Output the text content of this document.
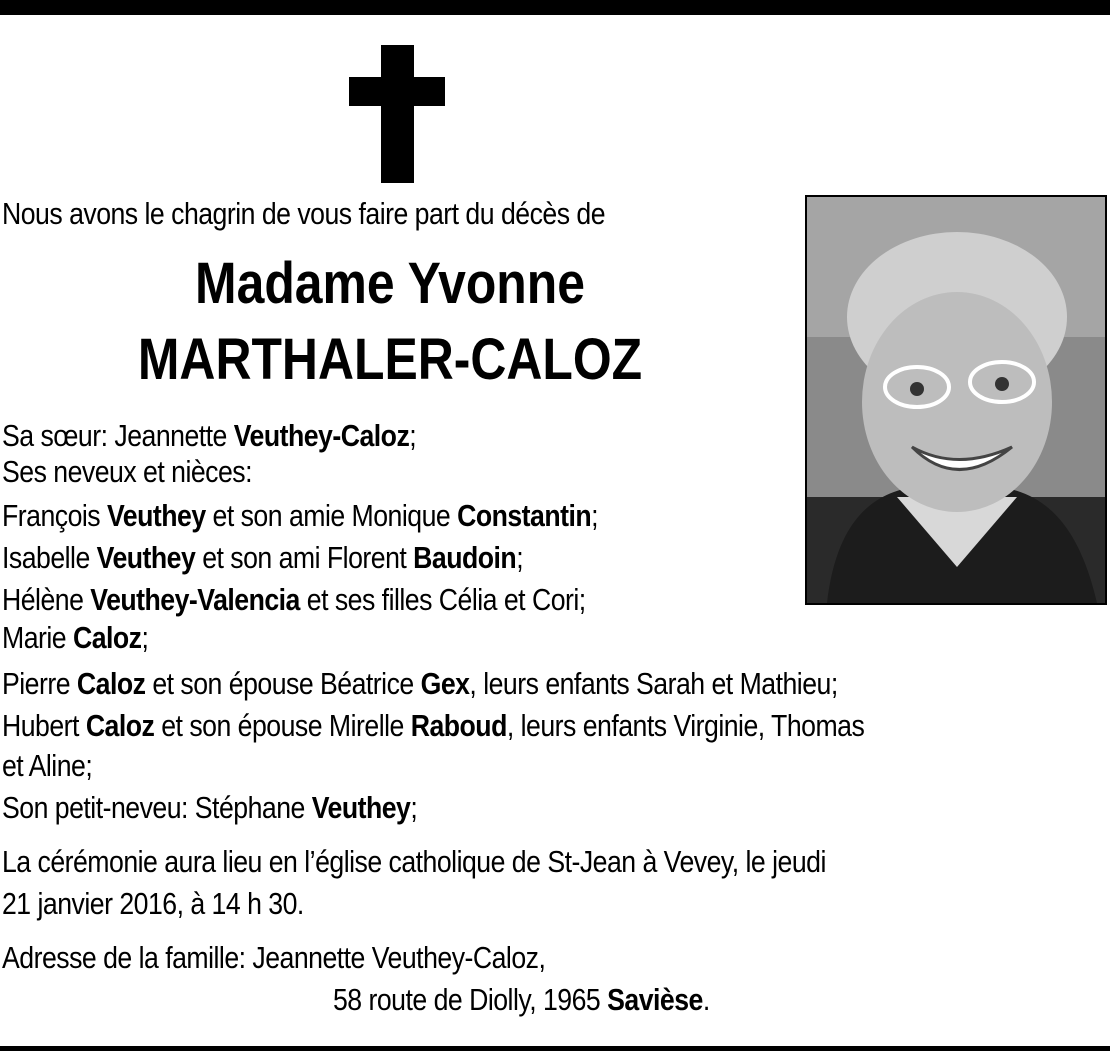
Nous avons le chagrin de vous faire part du décès de
Madame Yvonne
MARTHALER-CALOZ
Sa sœur: Jeannette Veuthey-Caloz;
Ses neveux et nièces:
François Veuthey et son amie Monique Constantin;
Isabelle Veuthey et son ami Florent Baudoin;
Hélène Veuthey-Valencia et ses filles Célia et Cori;
Marie Caloz;
Pierre Caloz et son épouse Béatrice Gex, leurs enfants Sarah et Mathieu;
Hubert Caloz et son épouse Mirelle Raboud, leurs enfants Virginie, Thomas
et Aline;
Son petit-neveu: Stéphane Veuthey;
La cérémonie aura lieu en l’église catholique de St-Jean à Vevey, le jeudi
21 janvier 2016, à 14 h 30.
Adresse de la famille: Jeannette Veuthey-Caloz,
58 route de Diolly, 1965 Savièse.
